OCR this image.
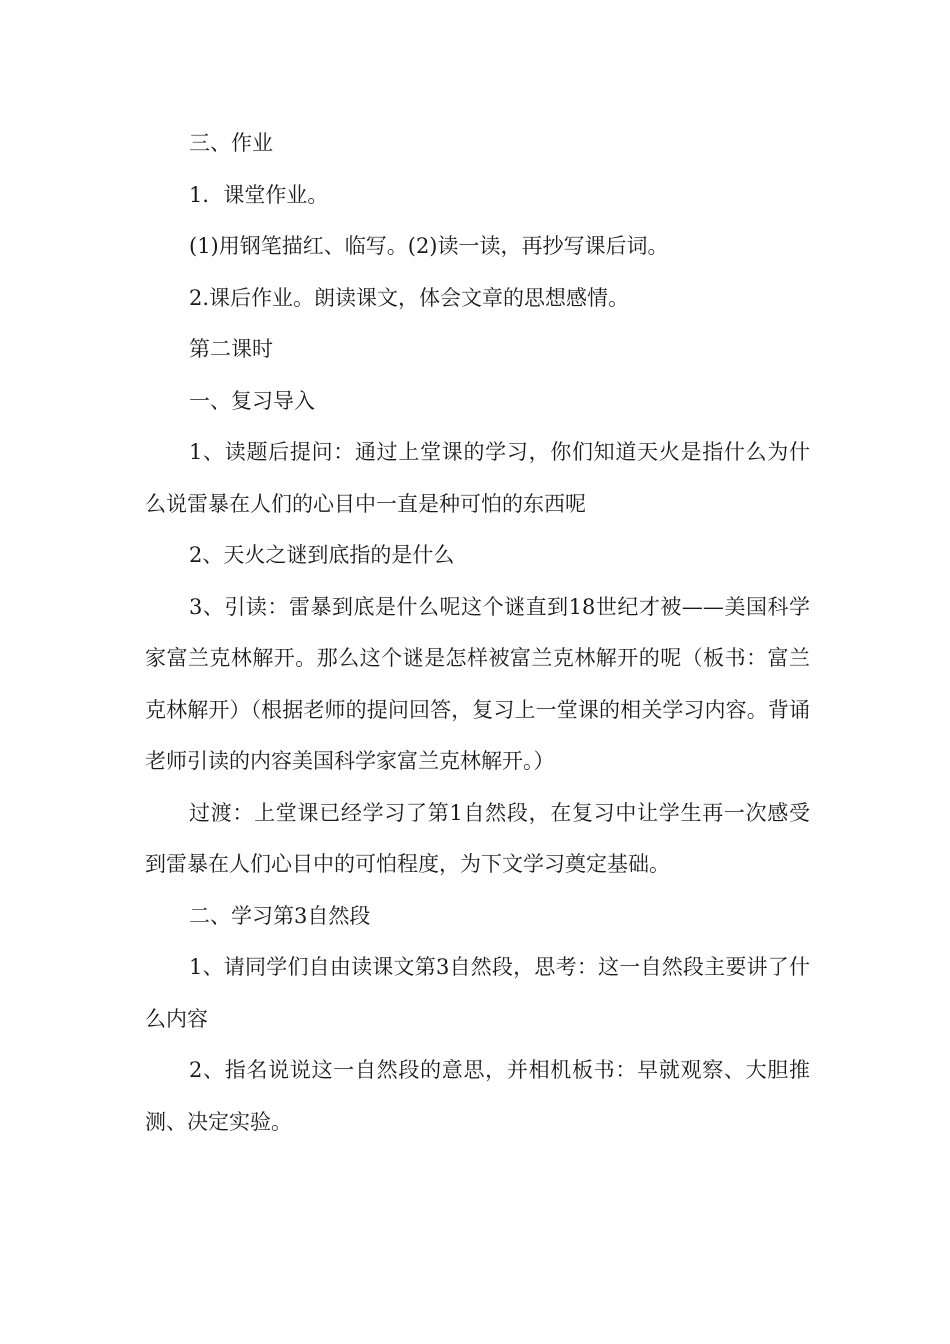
三、作业

1．课堂作业。

(1)用钢笔描红、临写。(2)读一读，再抄写课后词。

2.课后作业。朗读课文，体会文章的思想感情。

第二课时

一、复习导入

1、读题后提问：通过上堂课的学习，你们知道天火是指什么为什么说雷暴在人们的心目中一直是种可怕的东西呢

2、天火之谜到底指的是什么

3、引读：雷暴到底是什么呢这个谜直到18世纪才被——美国科学家富兰克林解开。那么这个谜是怎样被富兰克林解开的呢（板书：富兰克林解开）（根据老师的提问回答，复习上一堂课的相关学习内容。背诵老师引读的内容美国科学家富兰克林解开。）

过渡：上堂课已经学习了第1自然段，在复习中让学生再一次感受到雷暴在人们心目中的可怕程度，为下文学习奠定基础。

二、学习第3自然段

1、请同学们自由读课文第3自然段，思考：这一自然段主要讲了什么内容

2、指名说说这一自然段的意思，并相机板书：早就观察、大胆推测、决定实验。
